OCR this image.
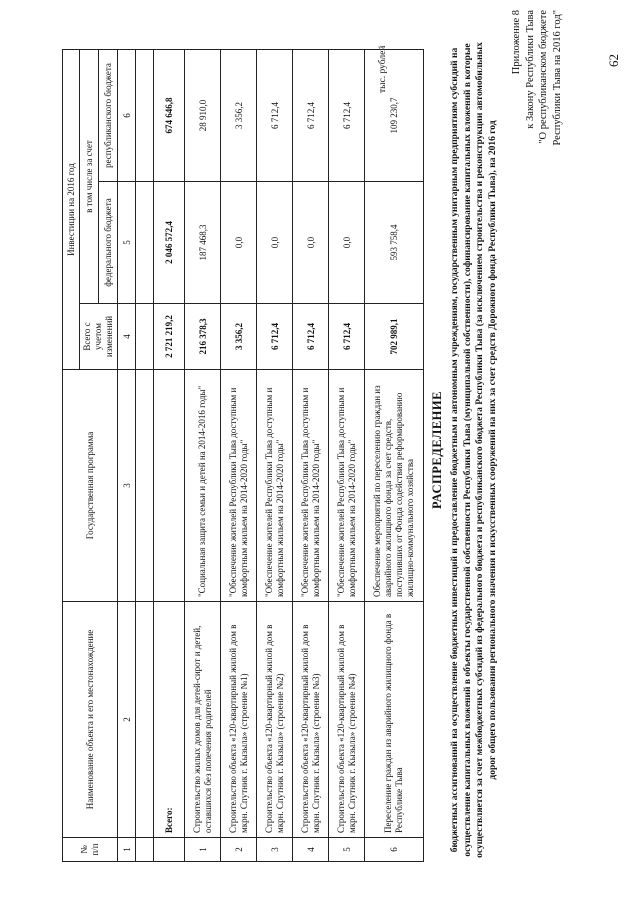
62
Приложение 8 к Закону Республики Тыва "О республиканском бюджете Республики Тыва на 2016 год"
РАСПРЕДЕЛЕНИЕ бюджетных ассигнований на осуществление бюджетных инвестиций и предоставление бюджетным и автономным учреждениям, государственным унитарным предприятиям субсидий на осуществление капитальных вложений в объекты государственной собственности Республики Тыва (муниципальной собственности), софинансирование капитальных вложений в которые осуществляется за счет межбюджетных субсидий из федерального бюджета и республиканского бюджета Республики Тыва (за исключением строительства и реконструкции автомобильных дорог общего пользования регионального значения и искусственных сооружений на них за счет средств Дорожного фонда Республики Тыва), на 2016 год
тыс. рублей
№ п/п	Наименование объекта и его местонахождение	Государственная программа	Инвестиции на 2016 год		
			Всего с учетом изменений	в том числе за счет	
				федерального бюджета	республиканского бюджета
1	2	3	4	5	6

	Всего:		2 721 219,2	2 046 572,4	674 646,8
1	Строительство жилых домов для детей-сирот и детей, оставшихся без попечения родителей	"Социальная защита семьи и детей на 2014-2016 годы"	216 378,3	187 468,3	28 910,0
2	Строительство объекта «120-квартирный жилой дом в мкрн. Спутник г. Кызыла» (строение №1)	"Обеспечение жителей Республики Тыва доступным и комфортным жильем на 2014-2020 годы"	3 356,2	0,0	3 356,2
3	Строительство объекта «120-квартирный жилой дом в мкрн. Спутник г. Кызыла» (строение №2)	"Обеспечение жителей Республики Тыва доступным и комфортным жильем на 2014-2020 годы"	6 712,4	0,0	6 712,4
4	Строительство объекта «120-квартирный жилой дом в мкрн. Спутник г. Кызыла» (строение №3)	"Обеспечение жителей Республики Тыва доступным и комфортным жильем на 2014-2020 годы"	6 712,4	0,0	6 712,4
5	Строительство объекта «120-квартирный жилой дом в мкрн. Спутник г. Кызыла» (строение №4)	"Обеспечение жителей Республики Тыва доступным и комфортным жильем на 2014-2020 годы"	6 712,4	0,0	6 712,4
6	Переселение граждан из аварийного жилищного фонда в Республике Тыва	Обеспечение мероприятий по переселению граждан из аварийного жилищного фонда за счет средств, поступивших от Фонда содействия реформированию жилищно-коммунального хозяйства	702 989,1	593 758,4	109 230,7
